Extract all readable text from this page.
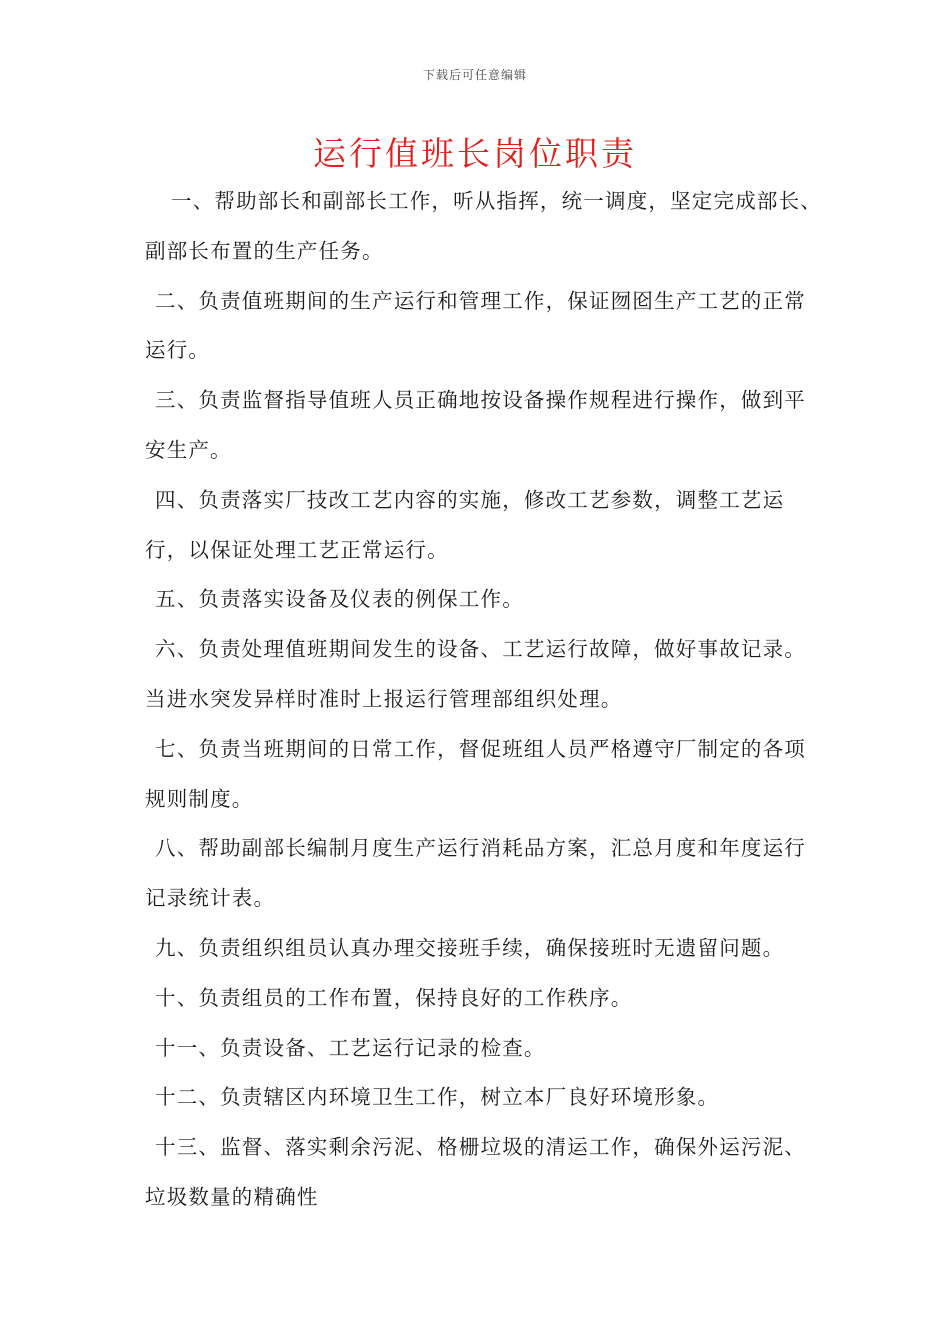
下载后可任意编辑
运行值班长岗位职责

一、帮助部长和副部长工作，听从指挥，统一调度，坚定完成部长、副部长布置的生产任务。

二、负责值班期间的生产运行和管理工作，保证囫囵生产工艺的正常运行。

三、负责监督指导值班人员正确地按设备操作规程进行操作，做到平安生产。

四、负责落实厂技改工艺内容的实施，修改工艺参数，调整工艺运行，以保证处理工艺正常运行。

五、负责落实设备及仪表的例保工作。

六、负责处理值班期间发生的设备、工艺运行故障，做好事故记录。当进水突发异样时准时上报运行管理部组织处理。

七、负责当班期间的日常工作，督促班组人员严格遵守厂制定的各项规则制度。

八、帮助副部长编制月度生产运行消耗品方案，汇总月度和年度运行记录统计表。

九、负责组织组员认真办理交接班手续，确保接班时无遗留问题。

十、负责组员的工作布置，保持良好的工作秩序。

十一、负责设备、工艺运行记录的检查。

十二、负责辖区内环境卫生工作，树立本厂良好环境形象。

十三、监督、落实剩余污泥、格栅垃圾的清运工作，确保外运污泥、垃圾数量的精确性
